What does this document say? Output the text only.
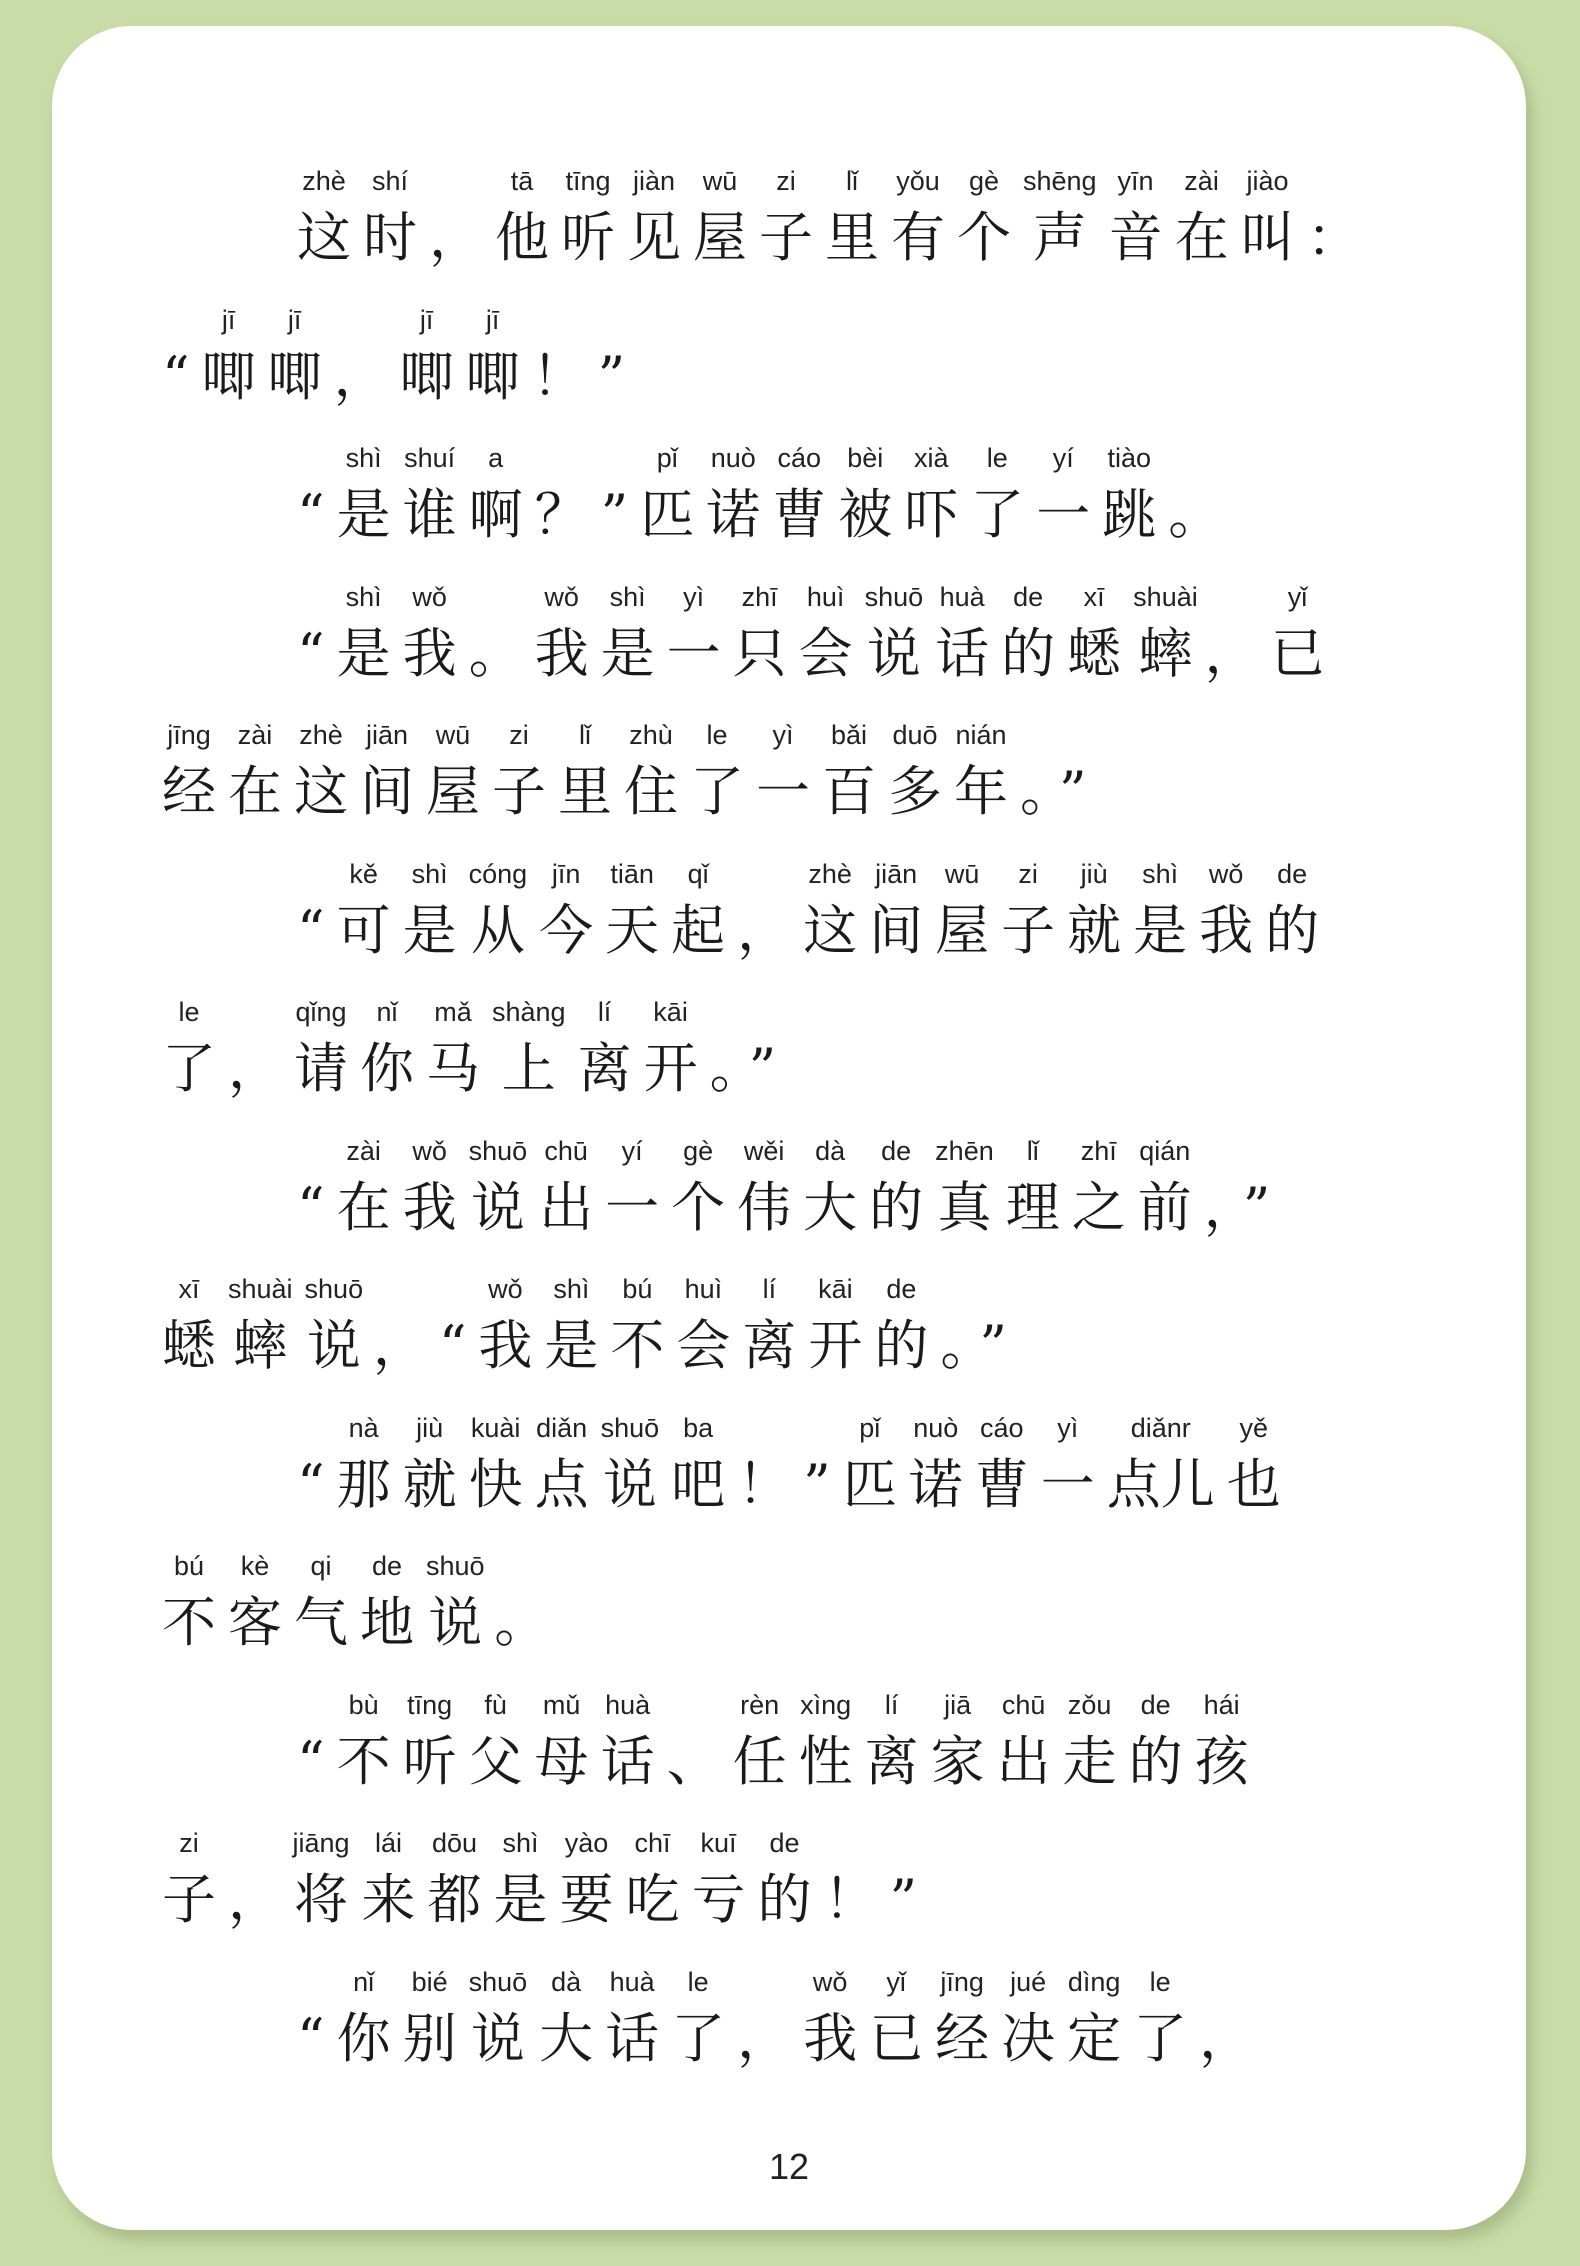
这zhè时shí， 他tā听tīng见jiàn屋wū子zi里lǐ有yǒu个gè声shēng音yīn在zài叫jiào：
“ 唧jī唧jī， 唧jī唧jī！ ”
“ 是shì谁shuí啊a？ ” 匹pǐ诺nuò曹cáo被bèi吓xià了le一yí跳tiào。
“ 是shì我wǒ。 我wǒ是shì一yì只zhī会huì说shuō话huà的de蟋xī蟀shuài， 已yǐ
经jīng在zài这zhè间jiān屋wū子zi里lǐ住zhù了le一yì百bǎi多duō年nián。 ”
“ 可kě是shì从cóng今jīn天tiān起qǐ， 这zhè间jiān屋wū子zi就jiù是shì我wǒ的de
了le， 请qǐng你nǐ马mǎ上shàng离lí开kāi。 ”
“ 在zài我wǒ说shuō出chū一yí个gè伟wěi大dà的de真zhēn理lǐ之zhī前qián， ”
蟋xī蟀shuài说shuō， “ 我wǒ是shì不bú会huì离lí开kāi的de。 ”
“ 那nà就jiù快kuài点diǎn说shuō吧ba！ ” 匹pǐ诺nuò曹cáo一yì点儿diǎnr也yě
不bú客kè气qi地de说shuō。
“ 不bù听tīng父fù母mǔ话huà、 任rèn性xìng离lí家jiā出chū走zǒu的de孩hái
子zi， 将jiāng来lái都dōu是shì要yào吃chī亏kuī的de！ ”
“ 你nǐ别bié说shuō大dà话huà了le， 我wǒ已yǐ经jīng决jué定dìng了le，
12
